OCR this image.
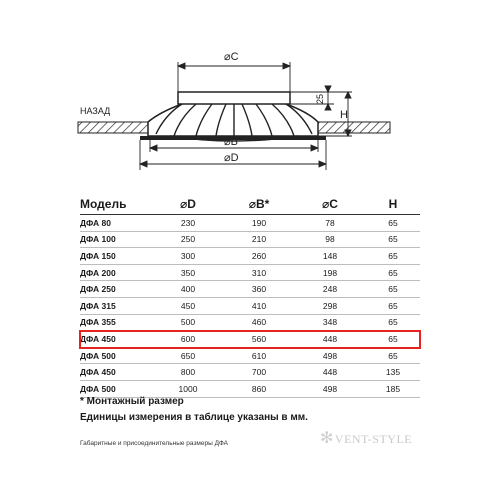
⌀C
⌀B
⌀D
25
H
НАЗАД
Модель	⌀D	⌀B*	⌀C	H
ДФА 80	230	190	78	65
ДФА 100	250	210	98	65
ДФА 150	300	260	148	65
ДФА 200	350	310	198	65
ДФА 250	400	360	248	65
ДФА 315	450	410	298	65
ДФА 355	500	460	348	65
ДФА 450	600	560	448	65
ДФА 500	650	610	498	65
ДФА 450	800	700	448	135
ДФА 500	1000	860	498	185
* Монтажный размер
Единицы измерения в таблице указаны в мм.
Габаритные и присоединительные размеры ДФА	✻VENT-STYLE
